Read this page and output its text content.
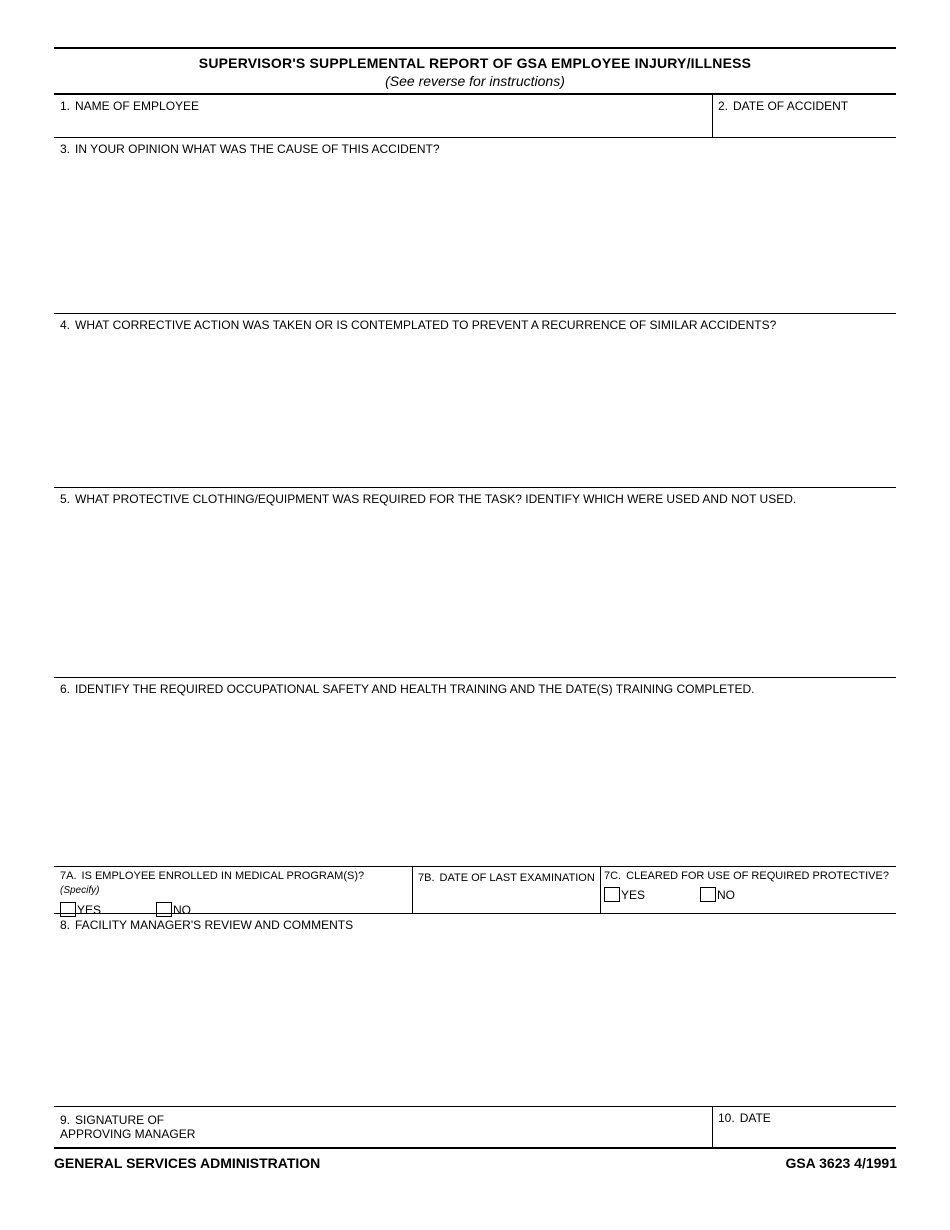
SUPERVISOR'S SUPPLEMENTAL REPORT OF GSA EMPLOYEE INJURY/ILLNESS
(See reverse for instructions)
1. NAME OF EMPLOYEE	2. DATE OF ACCIDENT
3. IN YOUR OPINION WHAT WAS THE CAUSE OF THIS ACCIDENT?
4. WHAT CORRECTIVE ACTION WAS TAKEN OR IS CONTEMPLATED TO PREVENT A RECURRENCE OF SIMILAR ACCIDENTS?
5. WHAT PROTECTIVE CLOTHING/EQUIPMENT WAS REQUIRED FOR THE TASK? IDENTIFY WHICH WERE USED AND NOT USED.
6. IDENTIFY THE REQUIRED OCCUPATIONAL SAFETY AND HEALTH TRAINING AND THE DATE(S) TRAINING COMPLETED.
7A. IS EMPLOYEE ENROLLED IN MEDICAL PROGRAM(S)? (Specify)
YES	NO
7B. DATE OF LAST EXAMINATION 7C. CLEARED FOR USE OF REQUIRED PROTECTIVE?
YES	NO
8. FACILITY MANAGER'S REVIEW AND COMMENTS
9. SIGNATURE OF
APPROVING MANAGER
10. DATE
GENERAL SERVICES ADMINISTRATION	GSA 3623 4/1991
